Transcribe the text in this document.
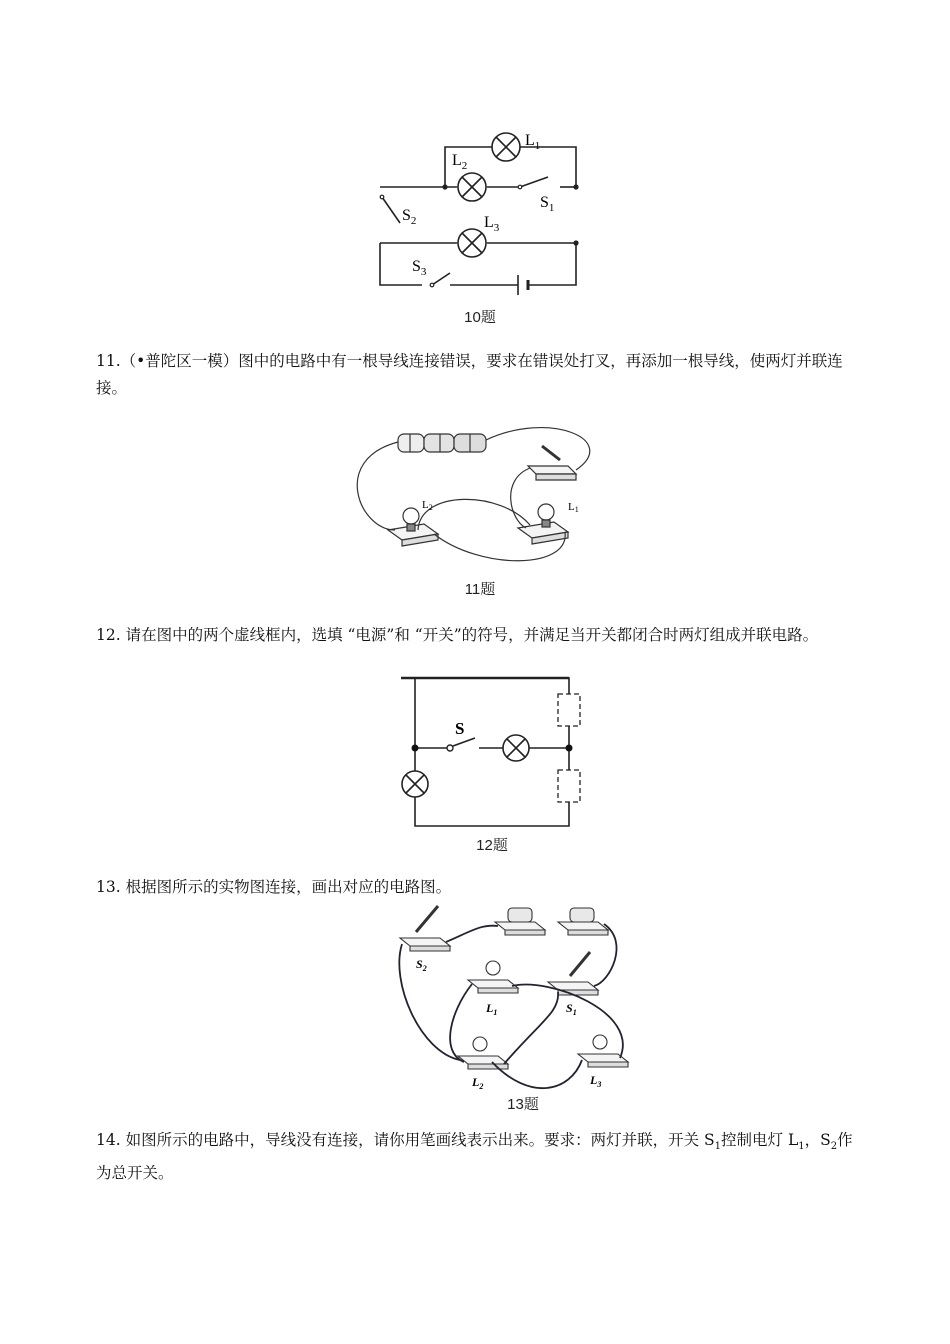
$L_1$
$L_2$
$L_3$
$S_1$
$S_2$
$S_3$
10题

11.（•普陀区一模）图中的电路中有一根导线连接错误，要求在错误处打叉，再添加一根导线，使两灯并联连接。

L2	L1
11题

12. 请在图中的两个虚线框内，选填 “电源”和 “开关”的符号，并满足当开关都闭合时两灯组成并联电路。

S
12题

13. 根据图所示的实物图连接，画出对应的电路图。

$S_2$
$L_1$	$S_1$
$L_2$	$L_3$
13题

14. 如图所示的电路中，导线没有连接，请你用笔画线表示出来。要求：两灯并联，开关 $S_1$控制电灯 $L_1$，$S_2$作为总开关。
